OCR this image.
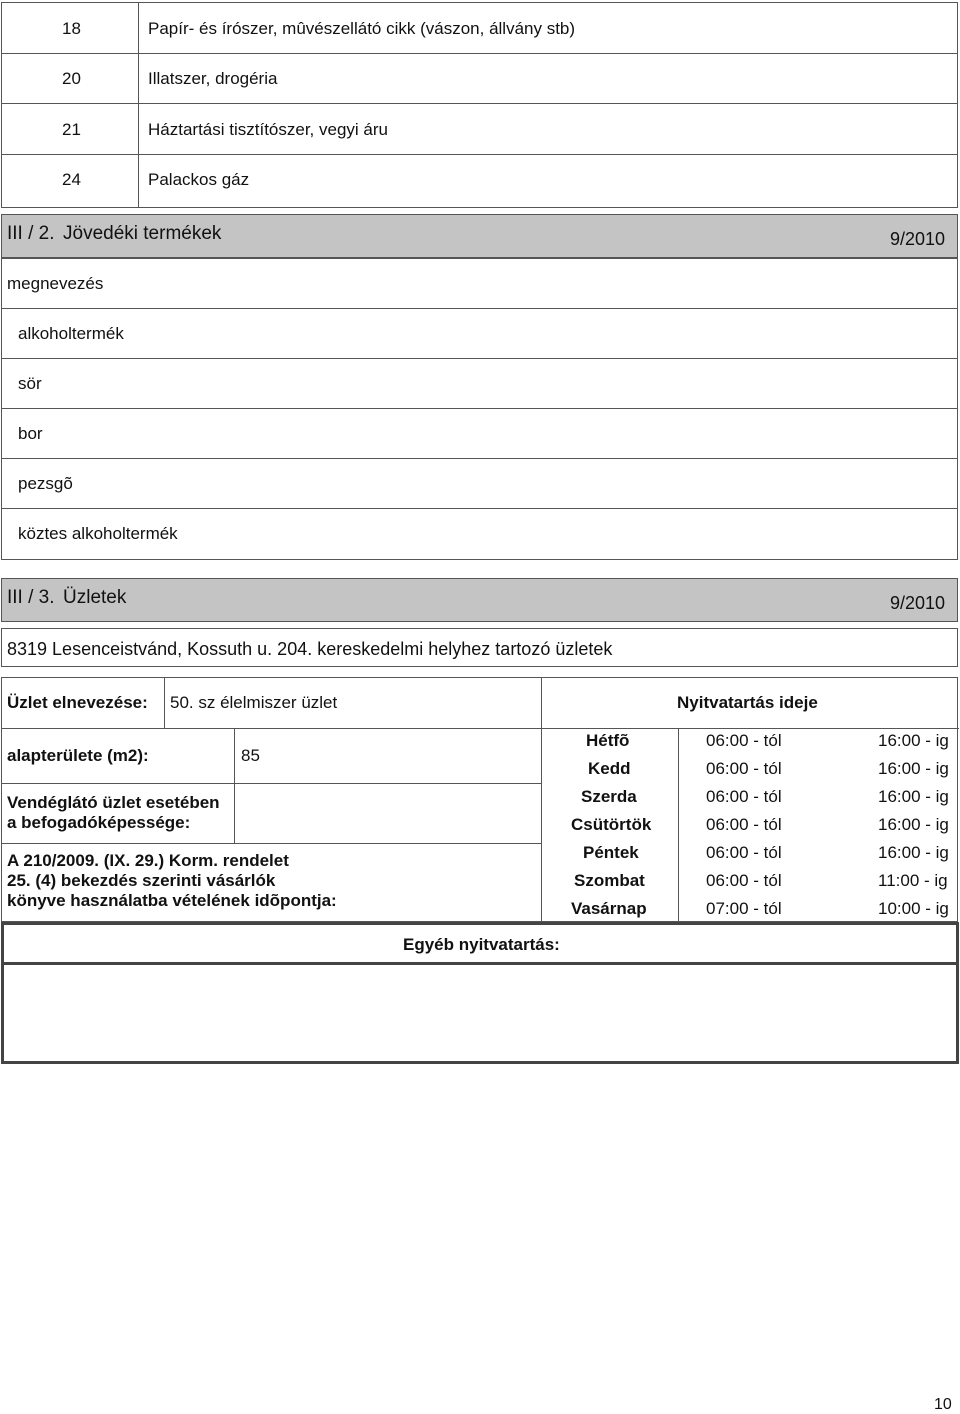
18	Papír- és írószer, mûvészellátó cikk (vászon, állvány stb)
20	Illatszer, drogéria
21	Háztartási tisztítószer, vegyi áru
24	Palackos gáz
III / 2. Jövedéki termékek	9/2010
megnevezés
alkoholtermék
sör
bor
pezsgõ
köztes alkoholtermék
III / 3. Üzletek	9/2010
8319 Lesenceistvánd, Kossuth u. 204. kereskedelmi helyhez tartozó üzletek
Üzlet elnevezése: 50. sz élelmiszer üzlet	Nyitvatartás ideje
alapterülete (m2):	85
Vendéglátó üzlet esetében
a befogadóképessége:
A 210/2009. (IX. 29.) Korm. rendelet
25. (4) bekezdés szerinti vásárlók
könyve használatba vételének idõpontja:
Hétfõ	06:00 - tól	16:00 - ig
Kedd	06:00 - tól	16:00 - ig
Szerda	06:00 - tól	16:00 - ig
Csütörtök	06:00 - tól	16:00 - ig
Péntek	06:00 - tól	16:00 - ig
Szombat	06:00 - tól	11:00 - ig
Vasárnap	07:00 - tól	10:00 - ig
Egyéb nyitvatartás:
10
